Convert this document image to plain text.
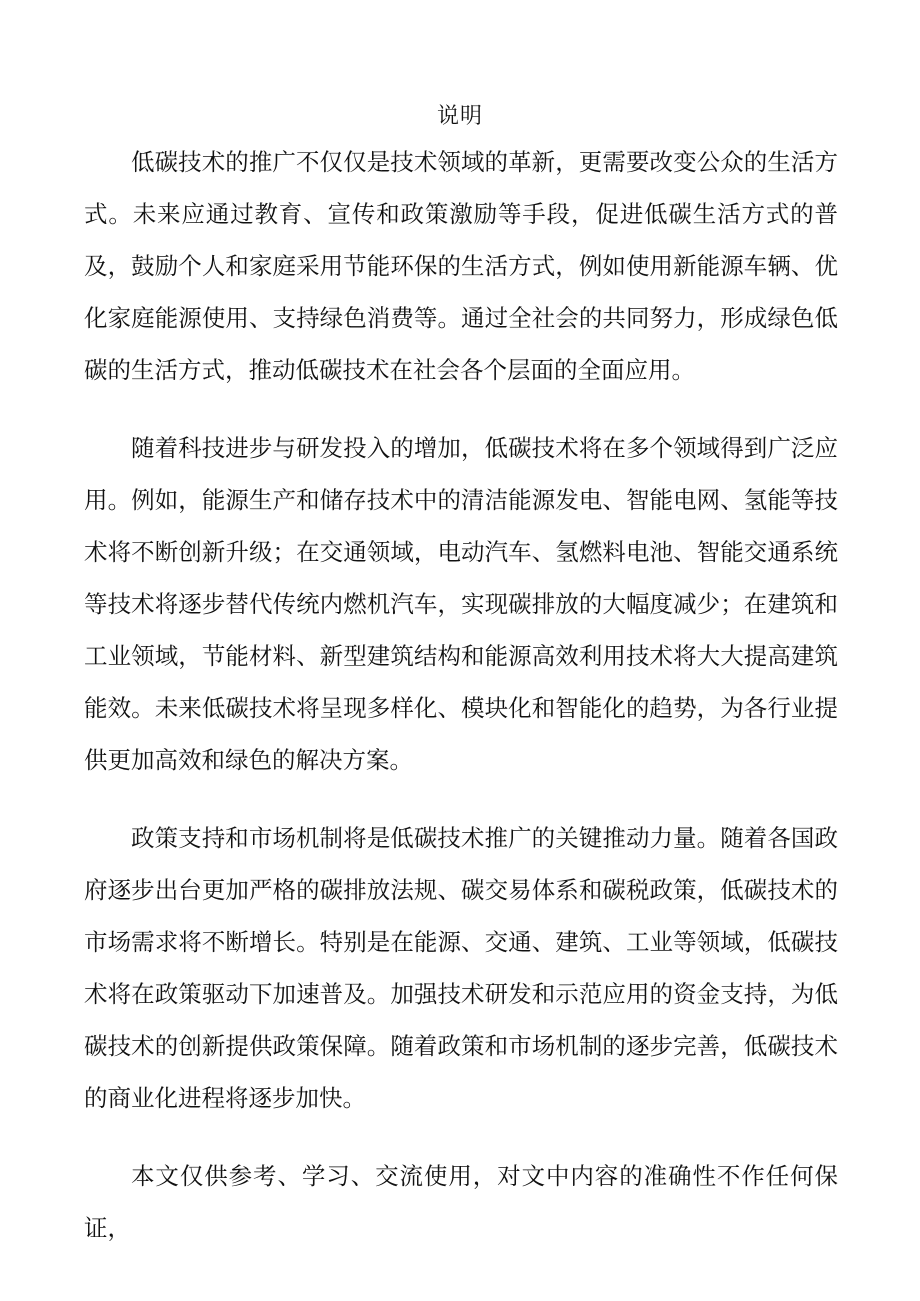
说明

低碳技术的推广不仅仅是技术领域的革新，更需要改变公众的生活方式。未来应通过教育、宣传和政策激励等手段，促进低碳生活方式的普及，鼓励个人和家庭采用节能环保的生活方式，例如使用新能源车辆、优化家庭能源使用、支持绿色消费等。通过全社会的共同努力，形成绿色低碳的生活方式，推动低碳技术在社会各个层面的全面应用。

随着科技进步与研发投入的增加，低碳技术将在多个领域得到广泛应用。例如，能源生产和储存技术中的清洁能源发电、智能电网、氢能等技术将不断创新升级；在交通领域，电动汽车、氢燃料电池、智能交通系统等技术将逐步替代传统内燃机汽车，实现碳排放的大幅度减少；在建筑和工业领域，节能材料、新型建筑结构和能源高效利用技术将大大提高建筑能效。未来低碳技术将呈现多样化、模块化和智能化的趋势，为各行业提供更加高效和绿色的解决方案。

政策支持和市场机制将是低碳技术推广的关键推动力量。随着各国政府逐步出台更加严格的碳排放法规、碳交易体系和碳税政策，低碳技术的市场需求将不断增长。特别是在能源、交通、建筑、工业等领域，低碳技术将在政策驱动下加速普及。加强技术研发和示范应用的资金支持，为低碳技术的创新提供政策保障。随着政策和市场机制的逐步完善，低碳技术的商业化进程将逐步加快。

本文仅供参考、学习、交流使用，对文中内容的准确性不作任何保证，
